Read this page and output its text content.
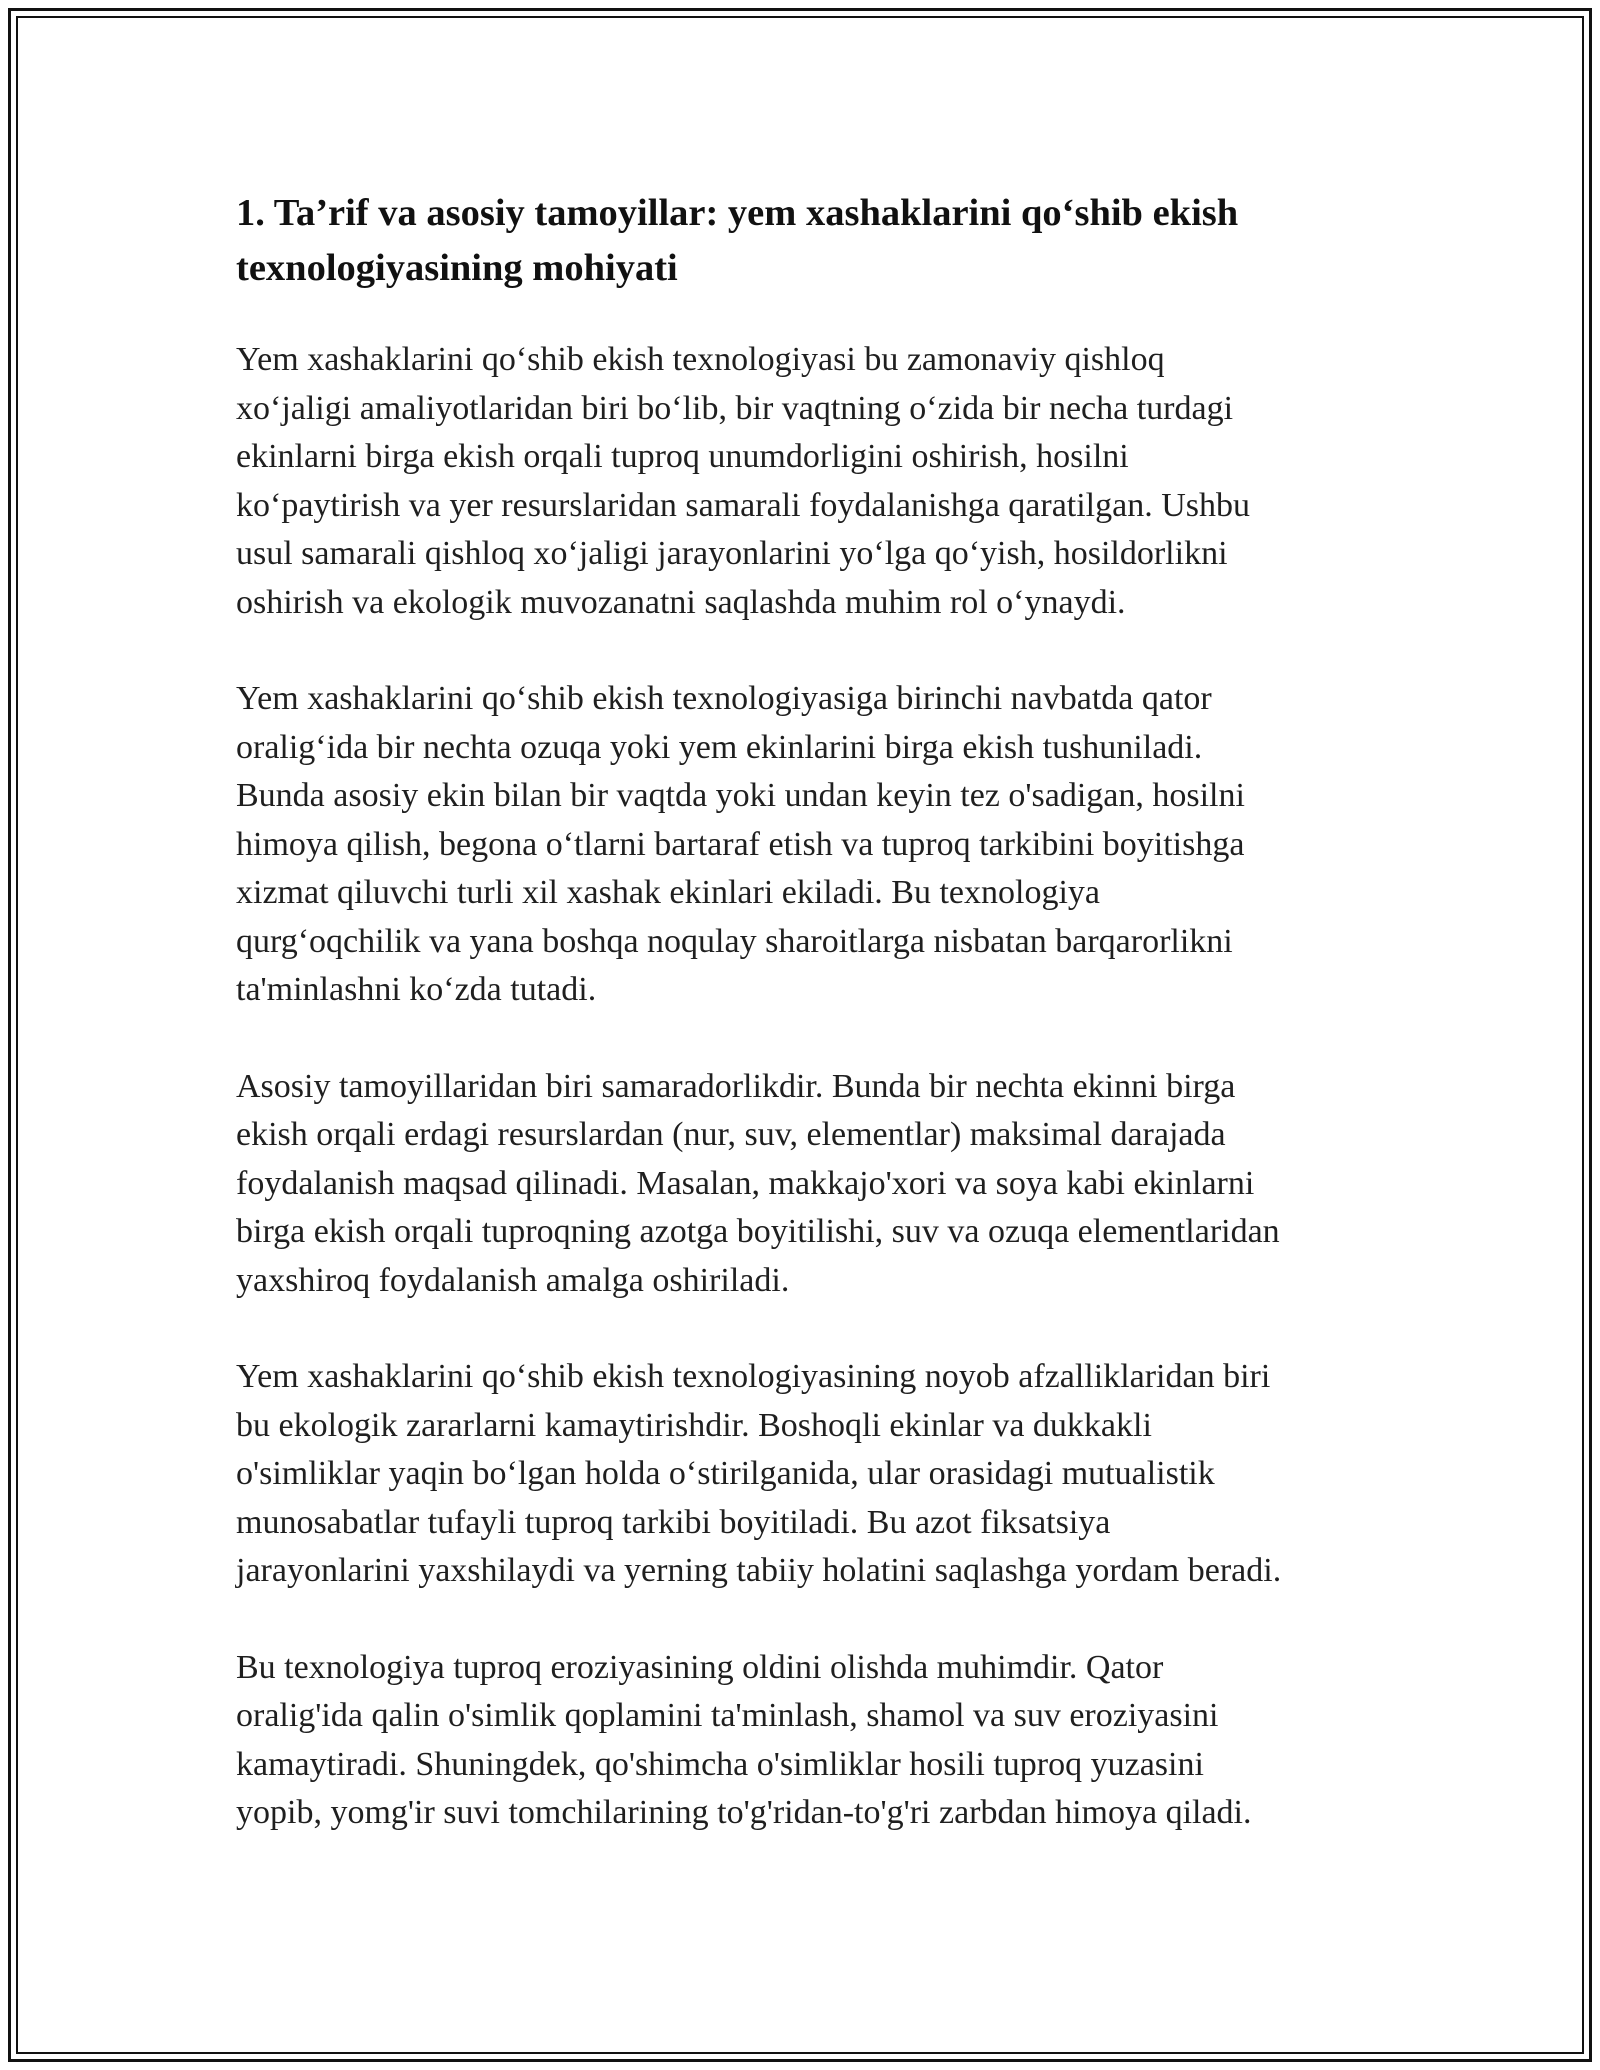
1. Ta’rif va asosiy tamoyillar: yem xashaklarini qo‘shib ekish
texnologiyasining mohiyati

Yem xashaklarini qo‘shib ekish texnologiyasi bu zamonaviy qishloq
xo‘jaligi amaliyotlaridan biri bo‘lib, bir vaqtning o‘zida bir necha turdagi
ekinlarni birga ekish orqali tuproq unumdorligini oshirish, hosilni
ko‘paytirish va yer resurslaridan samarali foydalanishga qaratilgan. Ushbu
usul samarali qishloq xo‘jaligi jarayonlarini yo‘lga qo‘yish, hosildorlikni
oshirish va ekologik muvozanatni saqlashda muhim rol o‘ynaydi.

Yem xashaklarini qo‘shib ekish texnologiyasiga birinchi navbatda qator
oralig‘ida bir nechta ozuqa yoki yem ekinlarini birga ekish tushuniladi.
Bunda asosiy ekin bilan bir vaqtda yoki undan keyin tez o'sadigan, hosilni
himoya qilish, begona o‘tlarni bartaraf etish va tuproq tarkibini boyitishga
xizmat qiluvchi turli xil xashak ekinlari ekiladi. Bu texnologiya
qurg‘oqchilik va yana boshqa noqulay sharoitlarga nisbatan barqarorlikni
ta'minlashni ko‘zda tutadi.

Asosiy tamoyillaridan biri samaradorlikdir. Bunda bir nechta ekinni birga
ekish orqali erdagi resurslardan (nur, suv, elementlar) maksimal darajada
foydalanish maqsad qilinadi. Masalan, makkajo'xori va soya kabi ekinlarni
birga ekish orqali tuproqning azotga boyitilishi, suv va ozuqa elementlaridan
yaxshiroq foydalanish amalga oshiriladi.

Yem xashaklarini qo‘shib ekish texnologiyasining noyob afzalliklaridan biri
bu ekologik zararlarni kamaytirishdir. Boshoqli ekinlar va dukkakli
o'simliklar yaqin bo‘lgan holda o‘stirilganida, ular orasidagi mutualistik
munosabatlar tufayli tuproq tarkibi boyitiladi. Bu azot fiksatsiya
jarayonlarini yaxshilaydi va yerning tabiiy holatini saqlashga yordam beradi.

Bu texnologiya tuproq eroziyasining oldini olishda muhimdir. Qator
oralig'ida qalin o'simlik qoplamini ta'minlash, shamol va suv eroziyasini
kamaytiradi. Shuningdek, qo'shimcha o'simliklar hosili tuproq yuzasini
yopib, yomg'ir suvi tomchilarining to'g'ridan-to'g'ri zarbdan himoya qiladi.
